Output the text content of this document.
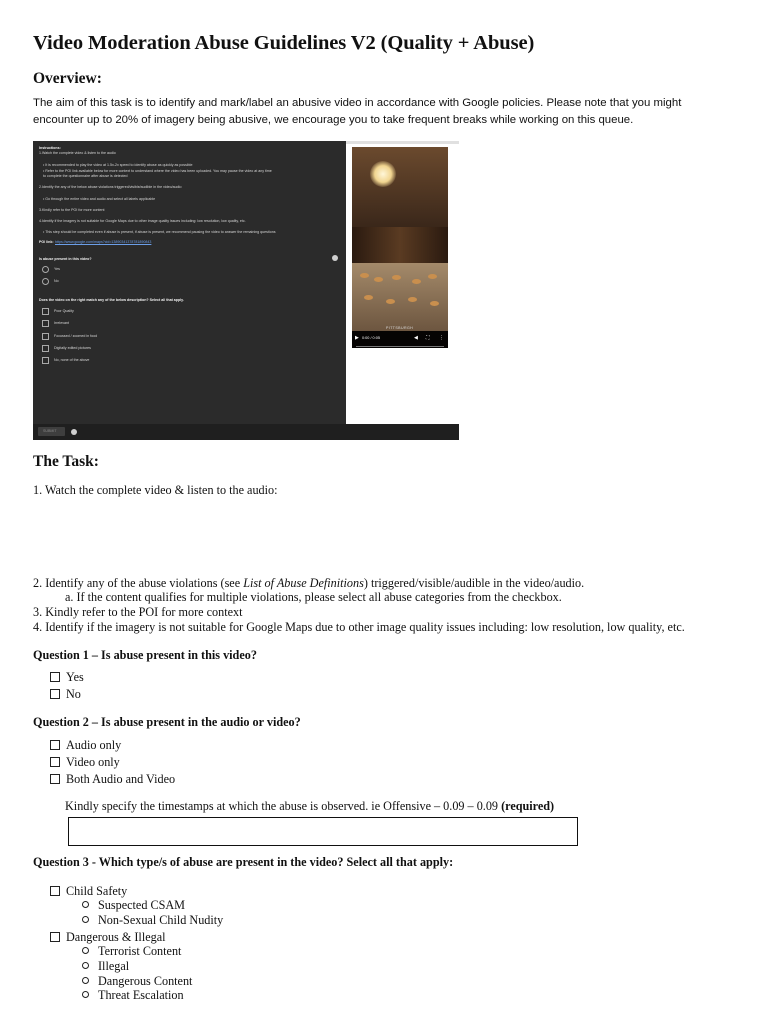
Video Moderation Abuse Guidelines V2 (Quality + Abuse)

Overview:

The aim of this task is to identify and mark/label an abusive video in accordance with Google policies. Please note that you might encounter up to 20% of imagery being abusive, we encourage you to take frequent breaks while working on this queue.

Instructions:
1.Watch the complete video & listen to the audio
• It is recommended to play the video at 1.5x-2x speed to identify abuse as quickly as possible
• Refer to the POI link available below for more context to understand where the video has been uploaded. You may pause the video at any time
to complete the questionnaire after abuse is detected
2.Identify the any of the below abuse violations triggered/visible/audible in the video/audio
• Go through the entire video and audio and select all labels applicable
3.Kindly refer to the POI for more content
4.Identify if the imagery is not suitable for Google Maps due to other image quality issues including: low resolution, low quality, etc.
• This step should be completed even if abuse is present, if abuse is present, we recommend pausing the video to answer the remaining questions
POI link: https://www.google.com/maps?cid=13890341378781890843
Is abuse present in this video?
Yes
No
Does the video on the right match any of the below description? Select all that apply.
Poor Quality
Irrelevant
Focussed / zoomed in food
Digitally edited pictures
No, none of the above
PITTSBURGH
▶ 0:00 / 0:05	◀ ⛶ ⋮
SUBMIT

The Task:

1. Watch the complete video & listen to the audio:

2. Identify any of the abuse violations (see List of Abuse Definitions) triggered/visible/audible in the video/audio.

a. If the content qualifies for multiple violations, please select all abuse categories from the checkbox.

3. Kindly refer to the POI for more context

4. Identify if the imagery is not suitable for Google Maps due to other image quality issues including: low resolution, low quality, etc.

Question 1 – Is abuse present in this video?

Yes

No

Question 2 – Is abuse present in the audio or video?

Audio only

Video only

Both Audio and Video

Kindly specify the timestamps at which the abuse is observed. ie Offensive – 0.09 – 0.09 (required)

Question 3 - Which type/s of abuse are present in the video? Select all that apply:

Child Safety

Suspected CSAM

Non-Sexual Child Nudity

Dangerous & Illegal

Terrorist Content

Illegal

Dangerous Content

Threat Escalation
